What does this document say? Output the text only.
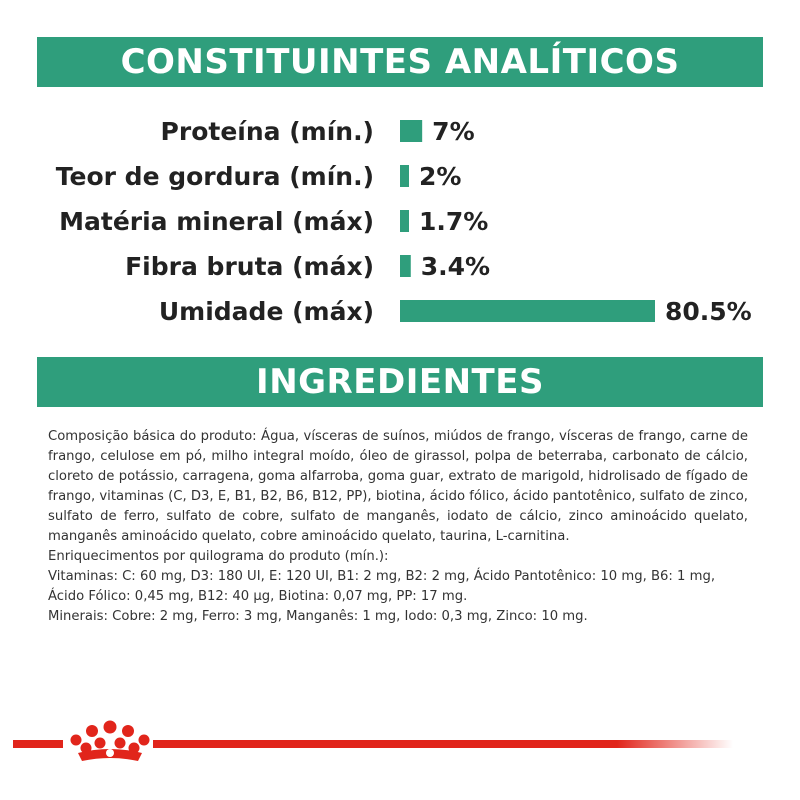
CONSTITUINTES ANALÍTICOS
Proteína (mín.) 7%
Teor de gordura (mín.) 2%
Matéria mineral (máx) 1.7%
Fibra bruta (máx) 3.4%
Umidade (máx)	80.5%
INGREDIENTES

Composição básica do produto: Água, vísceras de suínos, miúdos de frango, vísceras de frango, carne de frango, celulose em pó, milho integral moído, óleo de girassol, polpa de beterraba, carbonato de cálcio, cloreto de potássio, carragena, goma alfarroba, goma guar, extrato de marigold, hidrolisado de fígado de frango, vitaminas (C, D3, E, B1, B2, B6, B12, PP), biotina, ácido fólico, ácido pantotênico, sulfato de zinco, sulfato de ferro, sulfato de cobre, sulfato de manganês, iodato de cálcio, zinco aminoácido quelato, manganês aminoácido quelato, cobre aminoácido quelato, taurina, L-carnitina.

Enriquecimentos por quilograma do produto (mín.):

Vitaminas: C: 60 mg, D3: 180 UI, E: 120 UI, B1: 2 mg, B2: 2 mg, Ácido Pantotênico: 10 mg, B6: 1 mg, Ácido Fólico: 0,45 mg, B12: 40 µg, Biotina: 0,07 mg, PP: 17 mg.

Minerais: Cobre: 2 mg, Ferro: 3 mg, Manganês: 1 mg, Iodo: 0,3 mg, Zinco: 10 mg.
